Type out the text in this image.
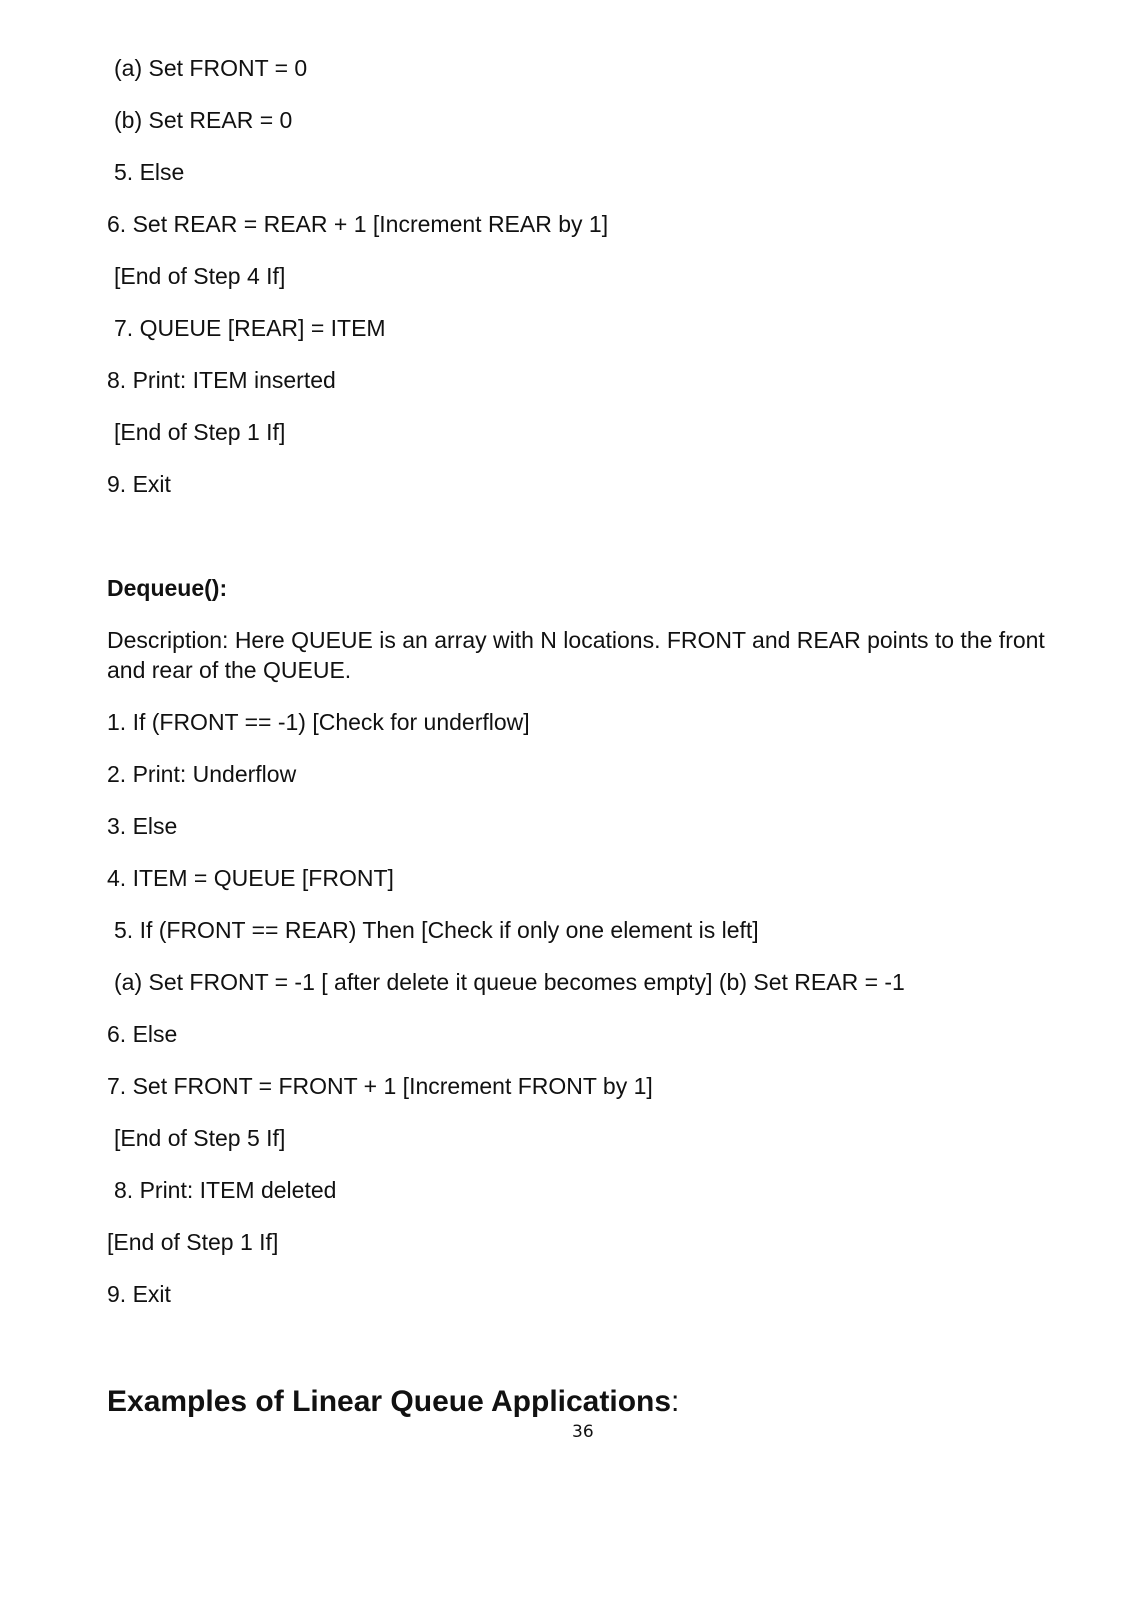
(a) Set FRONT = 0
(b) Set REAR = 0
5. Else
6. Set REAR = REAR + 1 [Increment REAR by 1]
[End of Step 4 If]
7. QUEUE [REAR] = ITEM
8. Print: ITEM inserted
[End of Step 1 If]
9. Exit
Dequeue():
Description: Here QUEUE is an array with N locations. FRONT and REAR points to the front and rear of the QUEUE.
1. If (FRONT == -1) [Check for underflow]
2. Print: Underflow
3. Else
4. ITEM = QUEUE [FRONT]
5. If (FRONT == REAR) Then [Check if only one element is left]
(a) Set FRONT = -1 [ after delete it queue becomes empty] (b) Set REAR = -1
6. Else
7. Set FRONT = FRONT + 1 [Increment FRONT by 1]
[End of Step 5 If]
8. Print: ITEM deleted
[End of Step 1 If]
9. Exit
Examples of Linear Queue Applications:
36
